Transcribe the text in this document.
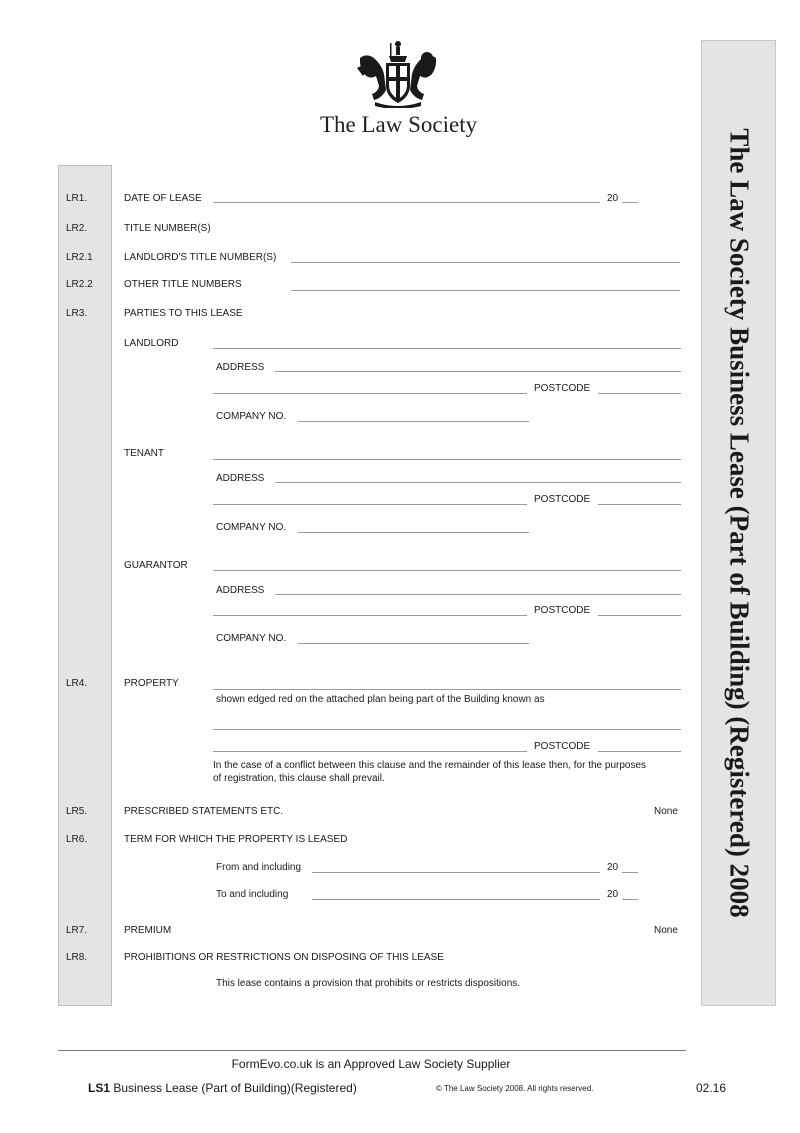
The Law Society
The Law Society Business Lease (Part of Building) (Registered) 2008
LR1.	DATE OF LEASE	20
LR2.	TITLE NUMBER(S)
LR2.1	LANDLORD'S TITLE NUMBER(S)
LR2.2	OTHER TITLE NUMBERS
LR3.	PARTIES TO THIS LEASE
LANDLORD
ADDRESS
POSTCODE
COMPANY NO.
TENANT
ADDRESS
POSTCODE
COMPANY NO.
GUARANTOR
ADDRESS
POSTCODE
COMPANY NO.
LR4.	PROPERTY
shown edged red on the attached plan being part of the Building known as
POSTCODE
In the case of a conflict between this clause and the remainder of this lease then, for the purposes
of registration, this clause shall prevail.
LR5.	PRESCRIBED STATEMENTS ETC.	None
LR6.	TERM FOR WHICH THE PROPERTY IS LEASED
From and including	20
To and including	20
LR7.	PREMIUM	None
LR8.	PROHIBITIONS OR RESTRICTIONS ON DISPOSING OF THIS LEASE
This lease contains a provision that prohibits or restricts dispositions.
FormEvo.co.uk is an Approved Law Society Supplier
LS1 Business Lease (Part of Building)(Registered)	© The Law Society 2008. All rights reserved.	02.16
